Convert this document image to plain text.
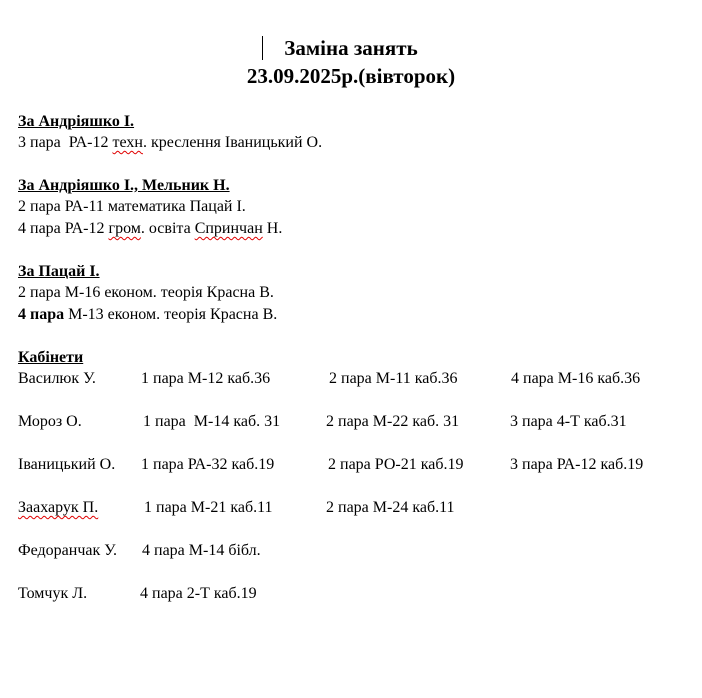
Заміна занять
23.09.2025р.(вівторок)
За Андріяшко І.
3 пара  РА-12 техн. креслення Іваницький О.
За Андріяшко І., Мельник Н.
2 пара РА-11 математика Пацай І.
4 пара РА-12 гром. освіта Спринчан Н.
За Пацай І.
2 пара М-16 економ. теорія Красна В.
4 пара М-13 економ. теорія Красна В.
Кабінети
Василюк У.	1 пара М-12 каб.36	2 пара М-11 каб.36	4 пара М-16 каб.36
Мороз О.	1 пара  М-14 каб. 31	2 пара М-22 каб. 31	3 пара 4-Т каб.31
Іваницький О. 1 пара РА-32 каб.19	2 пара РО-21 каб.19	3 пара РА-12 каб.19
Заахарук П.	1 пара М-21 каб.11	2 пара М-24 каб.11
Федоранчак У. 4 пара М-14 бібл.
Томчук Л.	4 пара 2-Т каб.19
